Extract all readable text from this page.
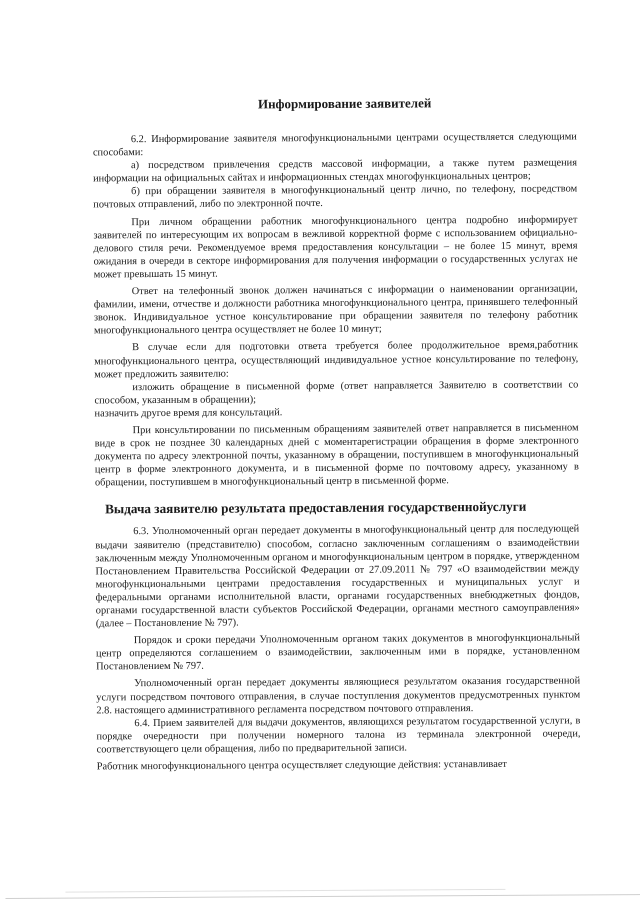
Информирование заявителей

6.2. Информирование заявителя многофункциональными центрами осуществляется следующими способами:

а) посредством привлечения средств массовой информации, а также путем размещения информации на официальных сайтах и информационных стендах многофункциональных центров;

б) при обращении заявителя в многофункциональный центр лично, по телефону, посредством почтовых отправлений, либо по электронной почте.

При личном обращении работник многофункционального центра подробно информирует заявителей по интересующим их вопросам в вежливой корректной форме с использованием официально-делового стиля речи. Рекомендуемое время предоставления консультации – не более 15 минут, время ожидания в очереди в секторе информирования для получения информации о государственных услугах не может превышать 15 минут.

Ответ на телефонный звонок должен начинаться с информации о наименовании организации, фамилии, имени, отчестве и должности работника многофункционального центра, принявшего телефонный звонок. Индивидуальное устное консультирование при обращении заявителя по телефону работник многофункционального центра осуществляет не более 10 минут;

В случае если для подготовки ответа требуется более продолжительное время,работник многофункционального центра, осуществляющий индивидуальное устное консультирование по телефону, может предложить заявителю:

изложить обращение в письменной форме (ответ направляется Заявителю в соответствии со способом, указанным в обращении);

назначить другое время для консультаций.

При консультировании по письменным обращениям заявителей ответ направляется в письменном виде в срок не позднее 30 календарных дней с моментарегистрации обращения в форме электронного документа по адресу электронной почты, указанному в обращении, поступившем в многофункциональный центр в форме электронного документа, и в письменной форме по почтовому адресу, указанному в обращении, поступившем в многофункциональный центр в письменной форме.

Выдача заявителю результата предоставления государственнойуслуги

6.3. Уполномоченный орган передает документы в многофункциональный центр для последующей выдачи заявителю (представителю) способом, согласно заключенным соглашениям о взаимодействии заключенным между Уполномоченным органом и многофункциональным центром в порядке, утвержденном Постановлением Правительства Российской Федерации от 27.09.2011 № 797 «О взаимодействии между многофункциональными центрами предоставления государственных и муниципальных услуг и федеральными органами исполнительной власти, органами государственных внебюджетных фондов, органами государственной власти субъектов Российской Федерации, органами местного самоуправления» (далее – Постановление № 797).

Порядок и сроки передачи Уполномоченным органом таких документов в многофункциональный центр определяются соглашением о взаимодействии, заключенным ими в порядке, установленном Постановлением № 797.

Уполномоченный орган передает документы являющиеся результатом оказания государственной услуги посредством почтового отправления, в случае поступления документов предусмотренных пунктом 2.8. настоящего административного регламента посредством почтового отправления.

6.4. Прием заявителей для выдачи документов, являющихся результатом государственной услуги, в порядке очередности при получении номерного талона из терминала электронной очереди, соответствующего цели обращения, либо по предварительной записи.

Работник многофункционального центра осуществляет следующие действия: устанавливает
